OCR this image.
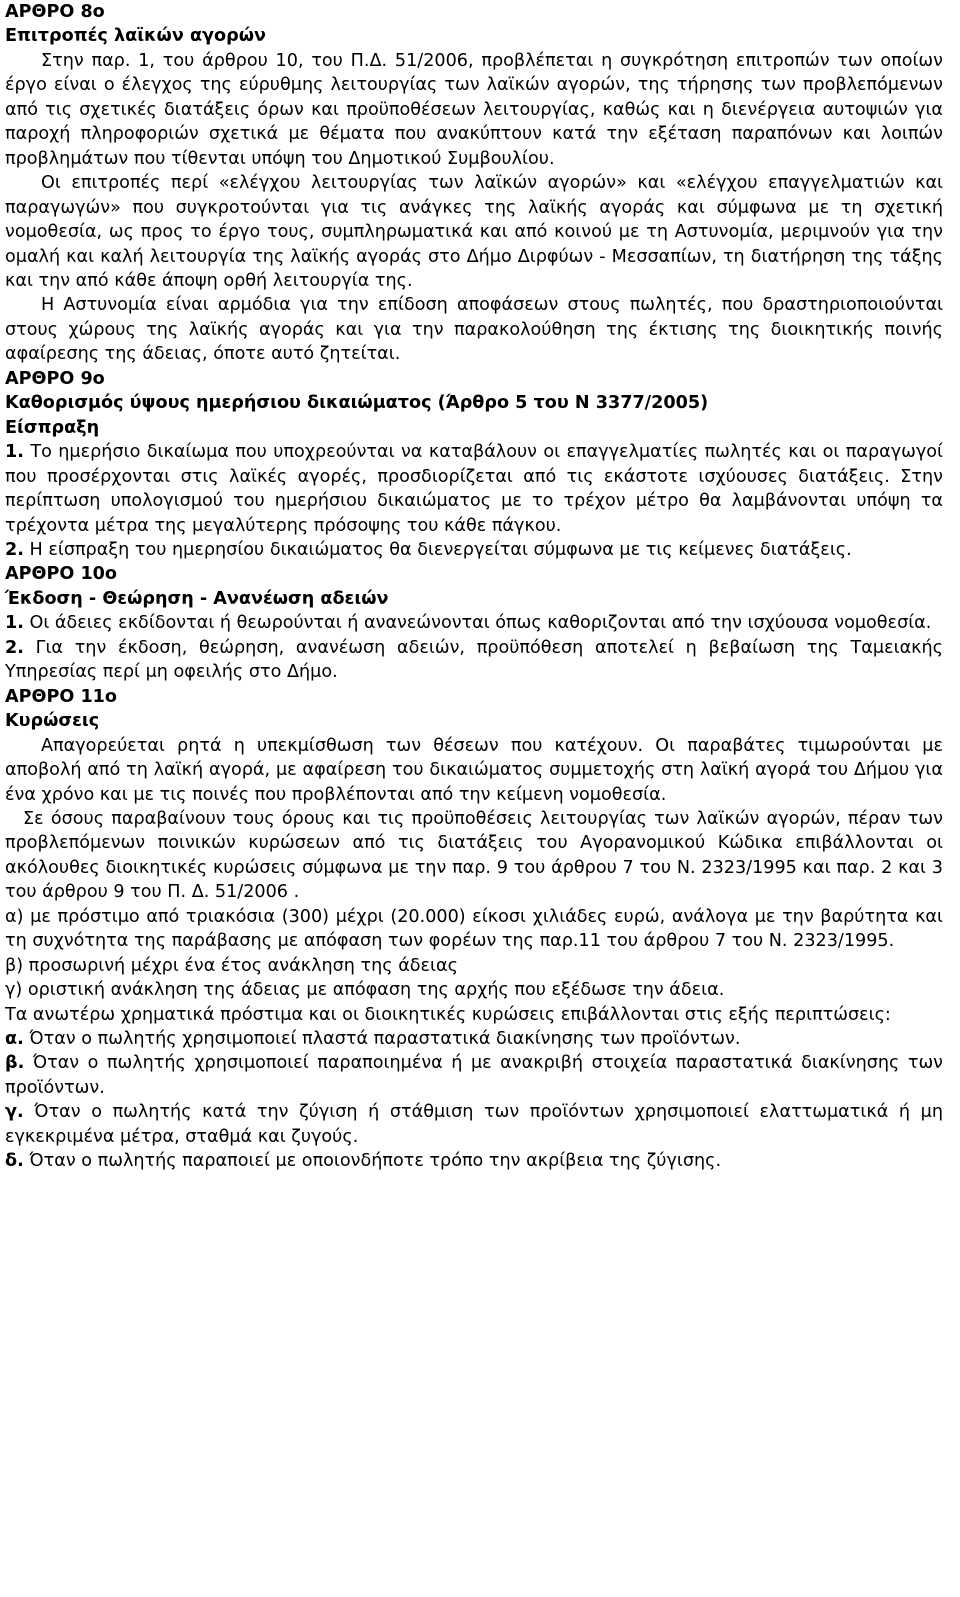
ΑΡΘΡΟ 8ο
Επιτροπές λαϊκών αγορών

Στην παρ. 1, του άρθρου 10, του Π.Δ. 51/2006, προβλέπεται η συγκρότηση επιτροπών των οποίων έργο είναι ο έλεγχος της εύρυθμης λειτουργίας των λαϊκών αγορών, της τήρησης των προβλεπόμενων από τις σχετικές διατάξεις όρων και προϋποθέσεων λειτουργίας, καθώς και η διενέργεια αυτοψιών για παροχή πληροφοριών σχετικά με θέματα που ανακύπτουν κατά την εξέταση παραπόνων και λοιπών προβλημάτων που τίθενται υπόψη του Δημοτικού Συμβουλίου.

Οι επιτροπές περί «ελέγχου λειτουργίας των λαϊκών αγορών» και «ελέγχου επαγγελματιών και παραγωγών» που συγκροτούνται για τις ανάγκες της λαϊκής αγοράς και σύμφωνα με τη σχετική νομοθεσία, ως προς το έργο τους, συμπληρωματικά και από κοινού με τη Αστυνομία, μεριμνούν για την ομαλή και καλή λειτουργία της λαϊκής αγοράς στο Δήμο Διρφύων - Μεσσαπίων, τη διατήρηση της τάξης και την από κάθε άποψη ορθή λειτουργία της.

Η Αστυνομία είναι αρμόδια για την επίδοση αποφάσεων στους πωλητές, που δραστηριοποιούνται στους χώρους της λαϊκής αγοράς και για την παρακολούθηση της έκτισης της διοικητικής ποινής αφαίρεσης της άδειας, όποτε αυτό ζητείται.

ΑΡΘΡΟ 9ο
Καθορισμός ύψους ημερήσιου δικαιώματος (Άρθρο 5 του Ν 3377/2005)
Είσπραξη

1. Το ημερήσιο δικαίωμα που υποχρεούνται να καταβάλουν οι επαγγελματίες πωλητές και οι παραγωγοί που προσέρχονται στις λαϊκές αγορές, προσδιορίζεται από τις εκάστοτε ισχύουσες διατάξεις. Στην περίπτωση υπολογισμού του ημερήσιου δικαιώματος με το τρέχον μέτρο θα λαμβάνονται υπόψη τα τρέχοντα μέτρα της μεγαλύτερης πρόσοψης του κάθε πάγκου.

2. Η είσπραξη του ημερησίου δικαιώματος θα διενεργείται σύμφωνα με τις κείμενες διατάξεις.

ΑΡΘΡΟ 10ο
Έκδοση - Θεώρηση - Ανανέωση αδειών

1. Οι άδειες εκδίδονται ή θεωρούνται ή ανανεώνονται όπως καθοριζονται από την ισχύουσα νομοθεσία.

2. Για την έκδοση, θεώρηση, ανανέωση αδειών, προϋπόθεση αποτελεί η βεβαίωση της Ταμειακής Υπηρεσίας περί μη οφειλής στο Δήμο.

ΑΡΘΡΟ 11ο
Κυρώσεις

Απαγορεύεται ρητά η υπεκμίσθωση των θέσεων που κατέχουν. Οι παραβάτες τιμωρούνται με αποβολή από τη λαϊκή αγορά, με αφαίρεση του δικαιώματος συμμετοχής στη λαϊκή αγορά του Δήμου για ένα χρόνο και με τις ποινές που προβλέπονται από την κείμενη νομοθεσία.

Σε όσους παραβαίνουν τους όρους και τις προϋποθέσεις λειτουργίας των λαϊκών αγορών, πέραν των προβλεπόμενων ποινικών κυρώσεων από τις διατάξεις του Αγορανομικού Κώδικα επιβάλλονται οι ακόλουθες διοικητικές κυρώσεις σύμφωνα με την παρ. 9 του άρθρου 7 του Ν. 2323/1995 και παρ. 2 και 3 του άρθρου 9 του Π. Δ. 51/2006 .

α) με πρόστιμο από τριακόσια (300) μέχρι (20.000) είκοσι χιλιάδες ευρώ, ανάλογα με την βαρύτητα και τη συχνότητα της παράβασης με απόφαση των φορέων της παρ.11 του άρθρου 7 του Ν. 2323/1995.

β) προσωρινή μέχρι ένα έτος ανάκληση της άδειας

γ) οριστική ανάκληση της άδειας με απόφαση της αρχής που εξέδωσε την άδεια.

Τα ανωτέρω χρηματικά πρόστιμα και οι διοικητικές κυρώσεις επιβάλλονται στις εξής περιπτώσεις:

α. Όταν ο πωλητής χρησιμοποιεί πλαστά παραστατικά διακίνησης των προϊόντων.

β. Όταν ο πωλητής χρησιμοποιεί παραποιημένα ή με ανακριβή στοιχεία παραστατικά διακίνησης των προϊόντων.

γ. Όταν ο πωλητής κατά την ζύγιση ή στάθμιση των προϊόντων χρησιμοποιεί ελαττωματικά ή μη εγκεκριμένα μέτρα, σταθμά και ζυγούς.

δ. Όταν ο πωλητής παραποιεί με οποιονδήποτε τρόπο την ακρίβεια της ζύγισης.
